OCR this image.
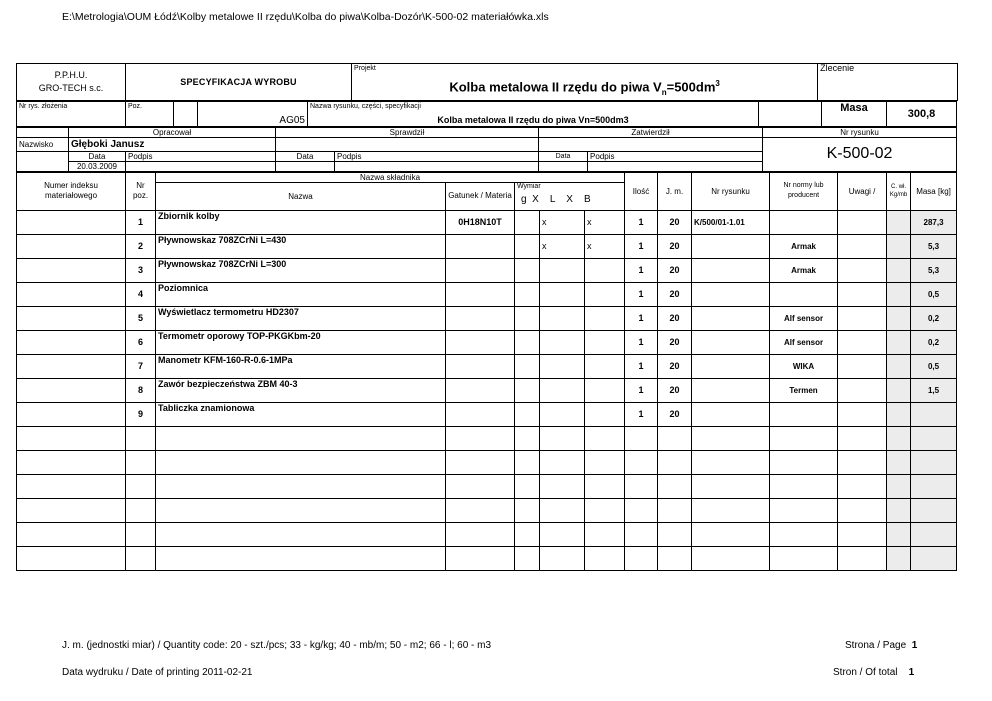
E:\Metrologia\OUM Łódź\Kolby metalowe II rzędu\Kolba do piwa\Kolba-Dozór\K-500-02 materiałówka.xls
P.P.H.U.
GRO-TECH s.c.
	SPECYFIKACJA WYROBU	
Projekt
Kolba metalowa II rzędu do piwa $V_n=500dm^3$
	Zlecenie

Nr rys. złożenia	Poz.		AG05	Nazwa rysunku, części, specyfikacji		Masa	300,8
				Kolba metalowa II rzędu do piwa Vn=500dm3			
	Opracował		Sprawdził		Zatwierdził		Nr rysunku
Nazwisko	Głęboki Janusz						K-500-02
	Data	Podpis	Data	Podpis	Data	Podpis	
	20.03.2009						
Numer indeksu materiałowego	Nr poz.	Nazwa składnika					Ilość	J. m.	Nr rysunku	Nr normy lub producent	Uwagi /	C. wł. Kg/mb	Masa [kg]
		Nazwa	Gatunek / Materia	Wymiar
g  X    L    X    B									

	1	Zbiornik kolby	0H18N10T		x	x	1	20	K/500/01-1.01				287,3
	2	Pływnowskaz 708ZCrNi L=430			x	x	1	20		Armak			5,3
	3	Pływnowskaz 708ZCrNi L=300					1	20		Armak			5,3
	4	Poziomnica					1	20					0,5
	5	Wyświetlacz termometru HD2307					1	20		Alf sensor			0,2
	6	Termometr oporowy TOP-PKGKbm-20					1	20		Alf sensor			0,2
	7	Manometr KFM-160-R-0.6-1MPa					1	20		WIKA			0,5
	8	Zawór bezpieczeństwa ZBM 40-3					1	20		Termen			1,5
	9	Tabliczka znamionowa					1	20					

J. m. (jednostki miar) / Quantity code: 20 - szt./pcs; 33 - kg/kg; 40 - mb/m; 50 - m2; 66 - l; 60 - m3
Data wydruku / Date of printing 2011-02-21
Strona / Page 1
Stron / Of total 1
